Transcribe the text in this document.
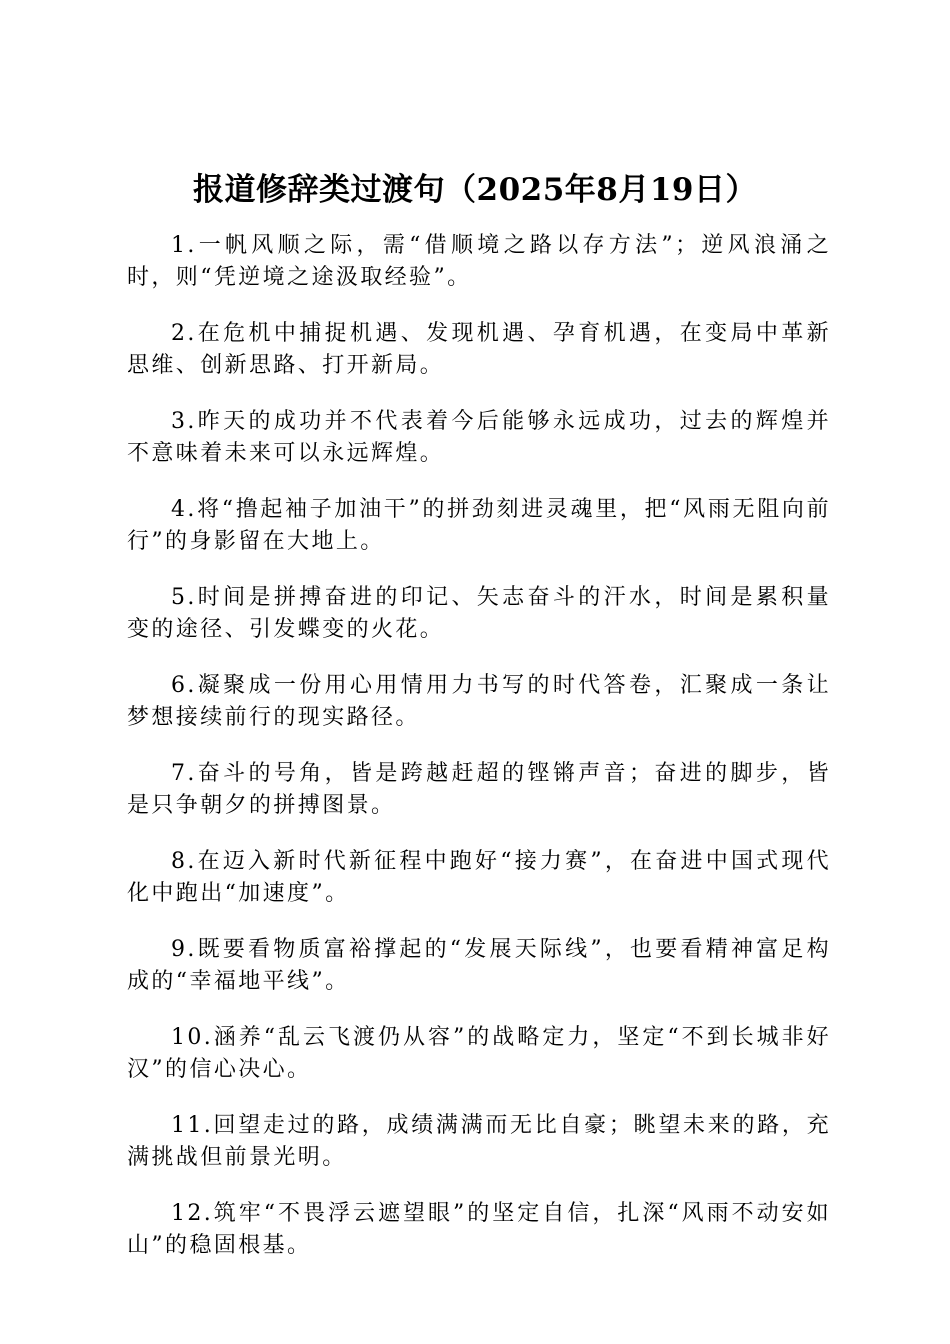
报道修辞类过渡句（2025年8月19日）

1.一帆风顺之际，需“借顺境之路以存方法”；逆风浪涌之时，则“凭逆境之途汲取经验”。

2.在危机中捕捉机遇、发现机遇、孕育机遇，在变局中革新思维、创新思路、打开新局。

3.昨天的成功并不代表着今后能够永远成功，过去的辉煌并不意味着未来可以永远辉煌。

4.将“撸起袖子加油干”的拼劲刻进灵魂里，把“风雨无阻向前行”的身影留在大地上。

5.时间是拼搏奋进的印记、矢志奋斗的汗水，时间是累积量变的途径、引发蝶变的火花。

6.凝聚成一份用心用情用力书写的时代答卷，汇聚成一条让梦想接续前行的现实路径。

7.奋斗的号角，皆是跨越赶超的铿锵声音；奋进的脚步，皆是只争朝夕的拼搏图景。

8.在迈入新时代新征程中跑好“接力赛”，在奋进中国式现代化中跑出“加速度”。

9.既要看物质富裕撑起的“发展天际线”，也要看精神富足构成的“幸福地平线”。

10.涵养“乱云飞渡仍从容”的战略定力，坚定“不到长城非好汉”的信心决心。

11.回望走过的路，成绩满满而无比自豪；眺望未来的路，充满挑战但前景光明。

12.筑牢“不畏浮云遮望眼”的坚定自信，扎深“风雨不动安如山”的稳固根基。
